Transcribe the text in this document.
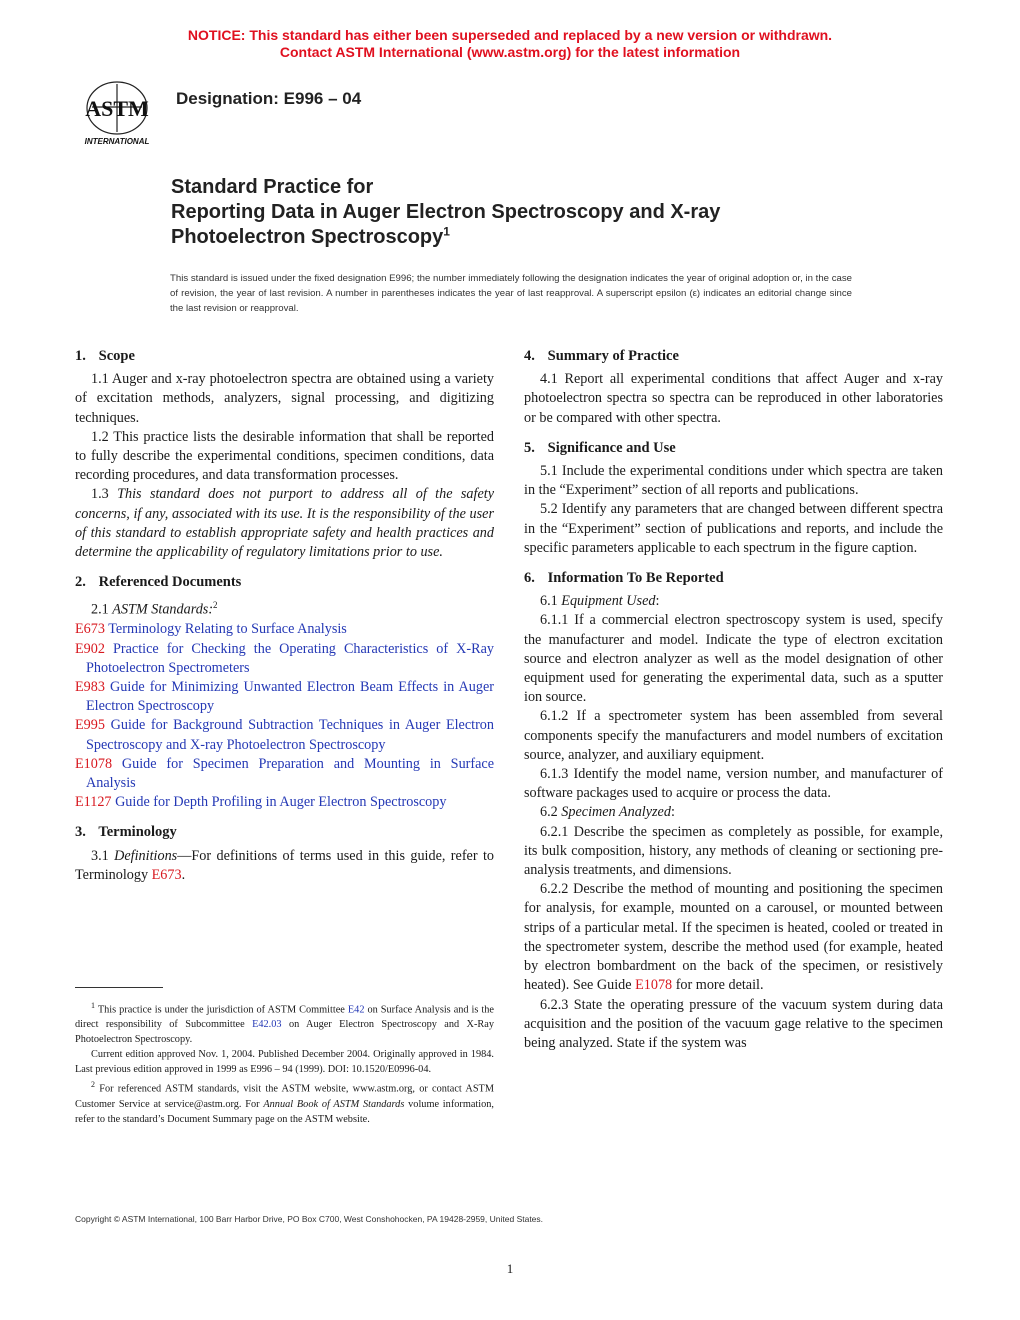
NOTICE: This standard has either been superseded and replaced by a new version or withdrawn.
Contact ASTM International (www.astm.org) for the latest information
ASTM
INTERNATIONAL
Designation: E996 – 04
Standard Practice for
Reporting Data in Auger Electron Spectroscopy and X-ray
Photoelectron Spectroscopy$^1$
This standard is issued under the fixed designation E996; the number immediately following the designation indicates the year of original adoption or, in the case of revision, the year of last revision. A number in parentheses indicates the year of last reapproval. A superscript epsilon (ε) indicates an editorial change since the last revision or reapproval.
1. Scope

1.1 Auger and x-ray photoelectron spectra are obtained using a variety of excitation methods, analyzers, signal processing, and digitizing techniques.

1.2 This practice lists the desirable information that shall be reported to fully describe the experimental conditions, specimen conditions, data recording procedures, and data transformation processes.

1.3 This standard does not purport to address all of the safety concerns, if any, associated with its use. It is the responsibility of the user of this standard to establish appropriate safety and health practices and determine the applicability of regulatory limitations prior to use.

2. Referenced Documents

2.1 ASTM Standards:$^2$

E673 Terminology Relating to Surface Analysis

E902 Practice for Checking the Operating Characteristics of X-Ray Photoelectron Spectrometers

E983 Guide for Minimizing Unwanted Electron Beam Effects in Auger Electron Spectroscopy

E995 Guide for Background Subtraction Techniques in Auger Electron Spectroscopy and X-ray Photoelectron Spectroscopy

E1078 Guide for Specimen Preparation and Mounting in Surface Analysis

E1127 Guide for Depth Profiling in Auger Electron Spectroscopy

3. Terminology

3.1 Definitions—For definitions of terms used in this guide, refer to Terminology E673.

4. Summary of Practice

4.1 Report all experimental conditions that affect Auger and x-ray photoelectron spectra so spectra can be reproduced in other laboratories or be compared with other spectra.

5. Significance and Use

5.1 Include the experimental conditions under which spectra are taken in the “Experiment” section of all reports and publications.

5.2 Identify any parameters that are changed between different spectra in the “Experiment” section of publications and reports, and include the specific parameters applicable to each spectrum in the figure caption.

6. Information To Be Reported

6.1 Equipment Used:

6.1.1 If a commercial electron spectroscopy system is used, specify the manufacturer and model. Indicate the type of electron excitation source and electron analyzer as well as the model designation of other equipment used for generating the experimental data, such as a sputter ion source.

6.1.2 If a spectrometer system has been assembled from several components specify the manufacturers and model numbers of excitation source, analyzer, and auxiliary equipment.

6.1.3 Identify the model name, version number, and manufacturer of software packages used to acquire or process the data.

6.2 Specimen Analyzed:

6.2.1 Describe the specimen as completely as possible, for example, its bulk composition, history, any methods of cleaning or sectioning pre-analysis treatments, and dimensions.

6.2.2 Describe the method of mounting and positioning the specimen for analysis, for example, mounted on a carousel, or mounted between strips of a particular metal. If the specimen is heated, cooled or treated in the spectrometer system, describe the method used (for example, heated by electron bombardment on the back of the specimen, or resistively heated). See Guide E1078 for more detail.

6.2.3 State the operating pressure of the vacuum system during data acquisition and the position of the vacuum gage relative to the specimen being analyzed. State if the system was

$^1$ This practice is under the jurisdiction of ASTM Committee E42 on Surface Analysis and is the direct responsibility of Subcommittee E42.03 on Auger Electron Spectroscopy and X-Ray Photoelectron Spectroscopy.

Current edition approved Nov. 1, 2004. Published December 2004. Originally approved in 1984. Last previous edition approved in 1999 as E996 – 94 (1999). DOI: 10.1520/E0996-04.

$^2$ For referenced ASTM standards, visit the ASTM website, www.astm.org, or contact ASTM Customer Service at service@astm.org. For Annual Book of ASTM Standards volume information, refer to the standard’s Document Summary page on the ASTM website.

Copyright © ASTM International, 100 Barr Harbor Drive, PO Box C700, West Conshohocken, PA 19428-2959, United States.
1
